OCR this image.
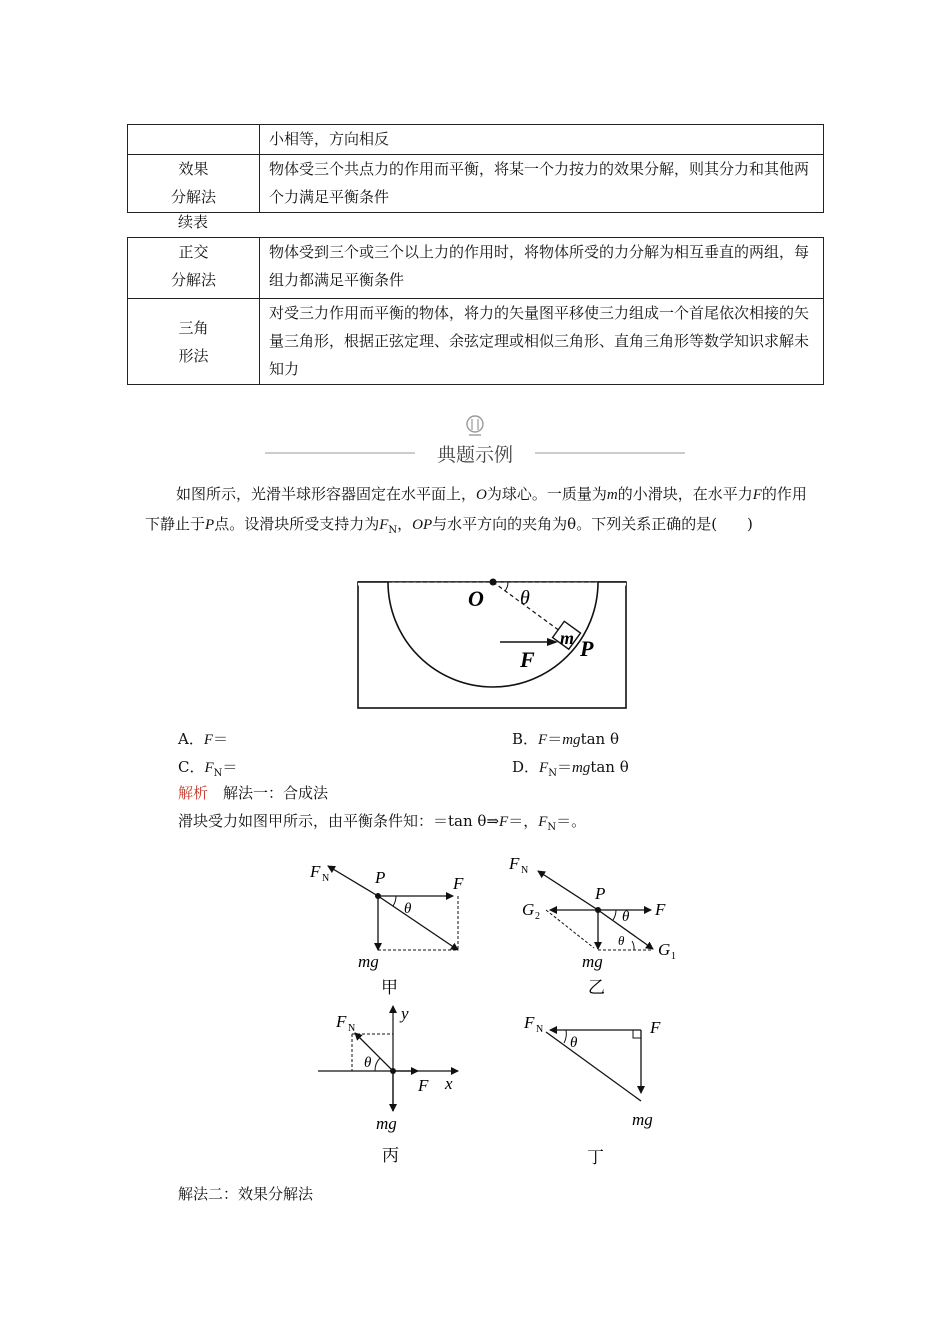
	小相等，方向相反

效果
分解法	物体受三个共点力的作用而平衡，将某一个力按力的效果分解，则其分力和其他两个力满足平衡条件
续表
正交
分解法	物体受到三个或三个以上力的作用时，将物体所受的力分解为相互垂直的两组，每组力都满足平衡条件

三角
形法	对受三力作用而平衡的物体，将力的矢量图平移使三力组成一个首尾依次相接的矢量三角形，根据正弦定理、余弦定理或相似三角形、直角三角形等数学知识求解未知力
典题示例
如图所示，光滑半球形容器固定在水平面上，O为球心。一质量为m的小滑块，在水平力F的作用下静止于P点。设滑块所受支持力为$F_N$，OP与水平方向的夹角为θ。下列关系正确的是(　　)
O θ
m
F P
A．F＝	B．F＝mgtan θ
C．$F_N=$	D．$F_N=mgtan$ θ
解析　 解法一：合成法
滑块受力如图甲所示，由平衡条件知：＝tan θ⇒F＝，$F_N=$。
F N	P	F
θ
mg
甲
F N
P
F
G 2	θ
θ G 1
mg
乙
F N
y
θ
F x
mg
丙
F N	F
θ
mg
丁
解法二：效果分解法
